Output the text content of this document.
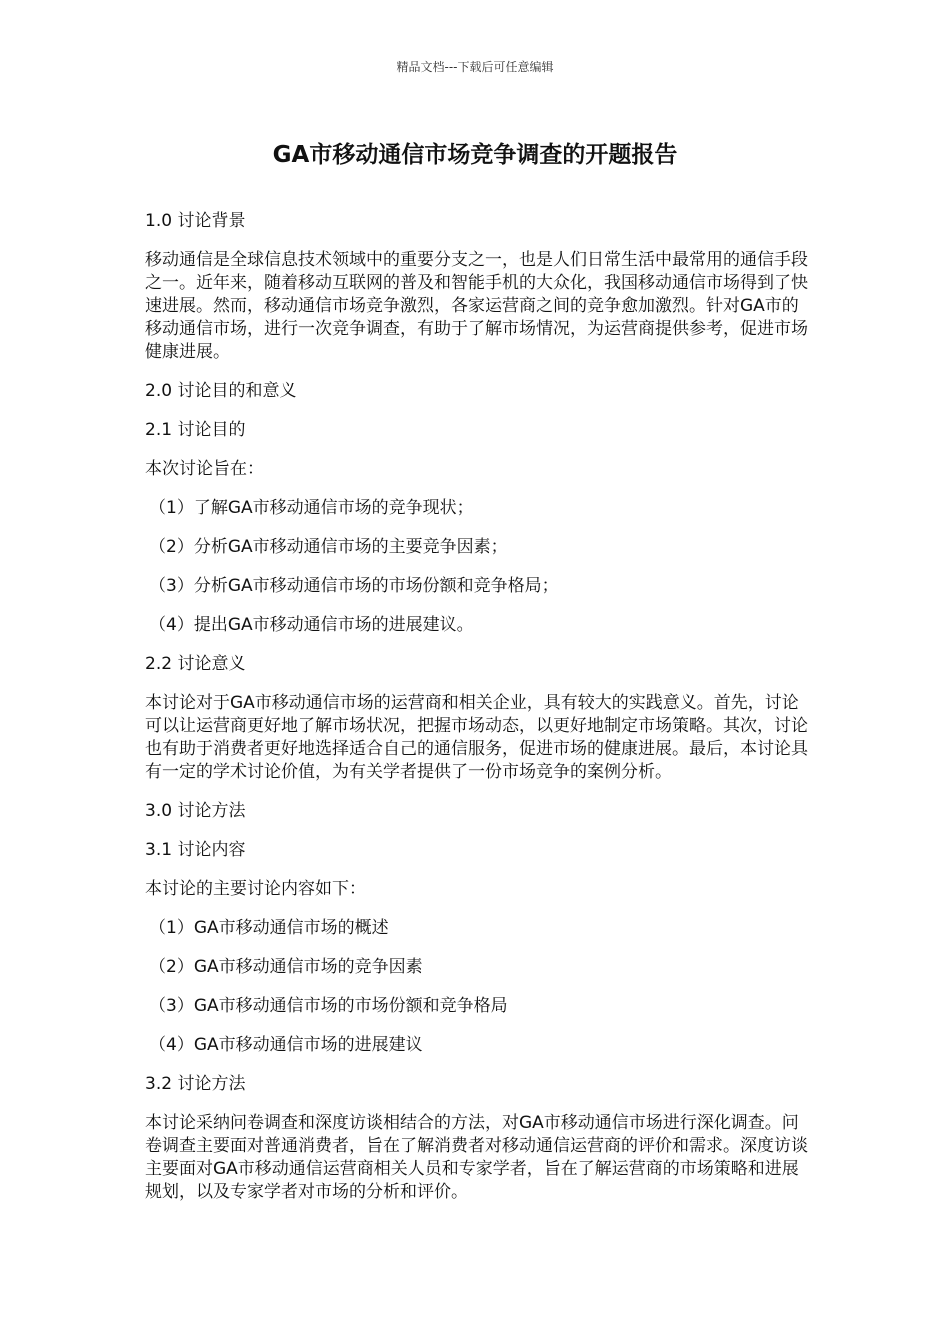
精品文档---下载后可任意编辑
GA市移动通信市场竞争调查的开题报告

1.0 讨论背景

移动通信是全球信息技术领域中的重要分支之一，也是人们日常生活中最常用的通信手段之一。近年来，随着移动互联网的普及和智能手机的大众化，我国移动通信市场得到了快速进展。然而，移动通信市场竞争激烈，各家运营商之间的竞争愈加激烈。针对GA市的移动通信市场，进行一次竞争调查，有助于了解市场情况，为运营商提供参考，促进市场健康进展。

2.0 讨论目的和意义

2.1 讨论目的

本次讨论旨在：

（1）了解GA市移动通信市场的竞争现状；

（2）分析GA市移动通信市场的主要竞争因素；

（3）分析GA市移动通信市场的市场份额和竞争格局；

（4）提出GA市移动通信市场的进展建议。

2.2 讨论意义

本讨论对于GA市移动通信市场的运营商和相关企业，具有较大的实践意义。首先，讨论可以让运营商更好地了解市场状况，把握市场动态，以更好地制定市场策略。其次，讨论也有助于消费者更好地选择适合自己的通信服务，促进市场的健康进展。最后，本讨论具有一定的学术讨论价值，为有关学者提供了一份市场竞争的案例分析。

3.0 讨论方法

3.1 讨论内容

本讨论的主要讨论内容如下：

（1）GA市移动通信市场的概述

（2）GA市移动通信市场的竞争因素

（3）GA市移动通信市场的市场份额和竞争格局

（4）GA市移动通信市场的进展建议

3.2 讨论方法

本讨论采纳问卷调查和深度访谈相结合的方法，对GA市移动通信市场进行深化调查。问卷调查主要面对普通消费者，旨在了解消费者对移动通信运营商的评价和需求。深度访谈主要面对GA市移动通信运营商相关人员和专家学者，旨在了解运营商的市场策略和进展规划，以及专家学者对市场的分析和评价。
